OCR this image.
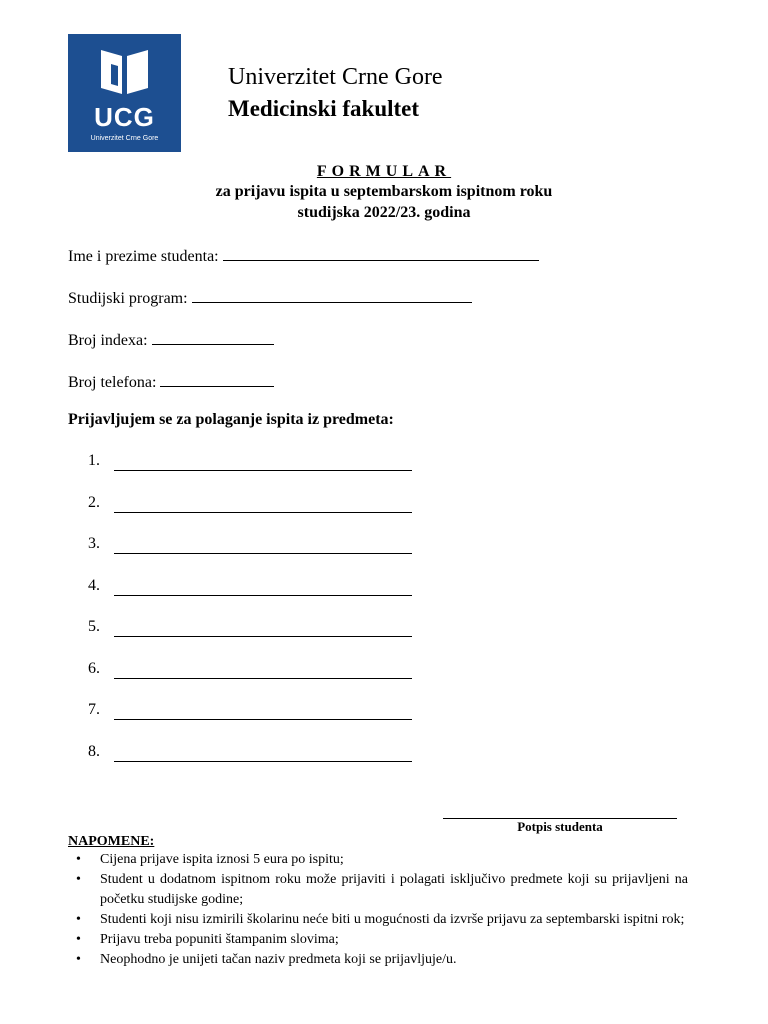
UCG
Univerzitet Crne Gore
Univerzitet Crne Gore
Medicinski fakultet
FORMULAR
za prijavu ispita u septembarskom ispitnom roku
studijska 2022/23. godina
Ime i prezime studenta:
Studijski program:
Broj indexa:
Broj telefona:
Prijavljujem se za polaganje ispita iz predmeta:
1.
2.
3.
4.
5.
6.
7.
8.
Potpis studenta
NAPOMENE:
• Cijena prijave ispita iznosi 5 eura po ispitu;
• Student u dodatnom ispitnom roku može prijaviti i polagati isključivo predmete koji su prijavljeni na početku studijske godine;
• Studenti koji nisu izmirili školarinu neće biti u mogućnosti da izvrše prijavu za septembarski ispitni rok;
• Prijavu treba popuniti štampanim slovima;
• Neophodno je unijeti tačan naziv predmeta koji se prijavljuje/u.
